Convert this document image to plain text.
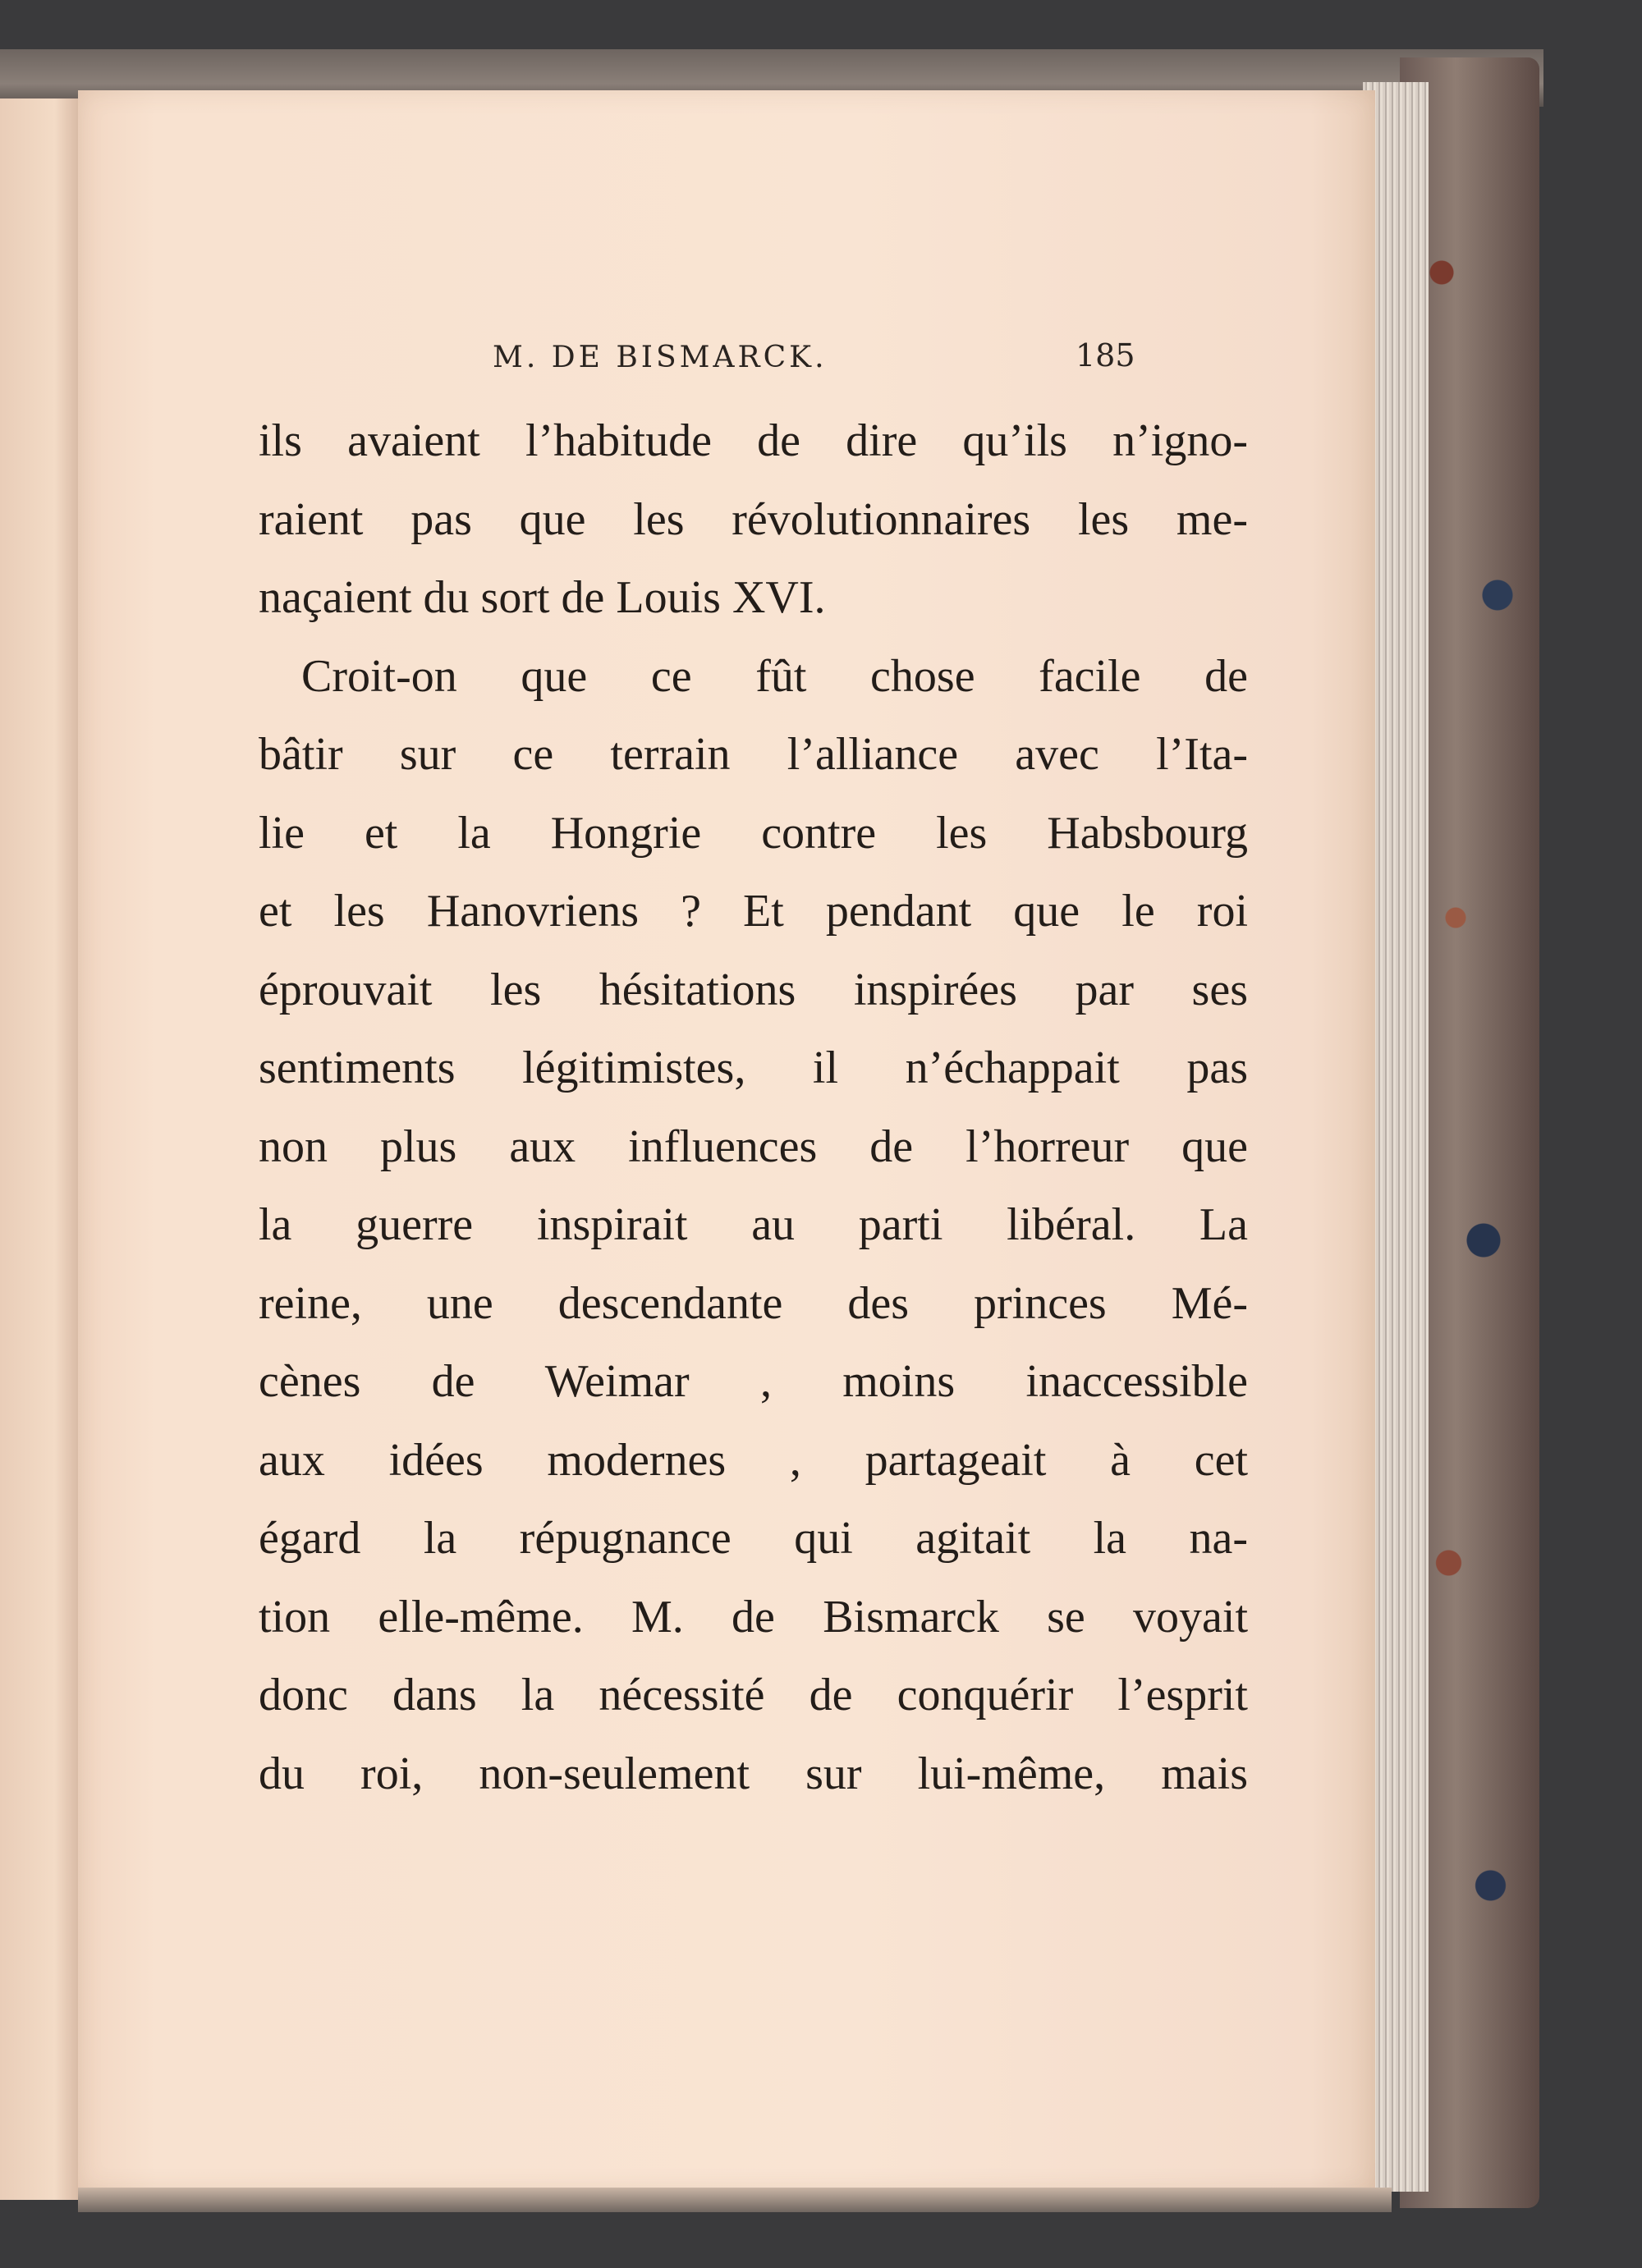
M. DE BISMARCK.	185
ils avaient l’habitude de dire qu’ils n’igno-
raient pas que les révolutionnaires les me-
naçaient du sort de Louis XVI.
Croit-on que ce fût chose facile de
bâtir sur ce terrain l’alliance avec l’Ita-
lie et la Hongrie contre les Habsbourg
et les Hanovriens ? Et pendant que le roi
éprouvait les hésitations inspirées par ses
sentiments légitimistes, il n’échappait pas
non plus aux influences de l’horreur que
la guerre inspirait au parti libéral. La
reine, une descendante des princes Mé-
cènes de Weimar , moins inaccessible
aux idées modernes , partageait à cet
égard la répugnance qui agitait la na-
tion elle-même. M. de Bismarck se voyait
donc dans la nécessité de conquérir l’esprit
du roi, non-seulement sur lui-même, mais
